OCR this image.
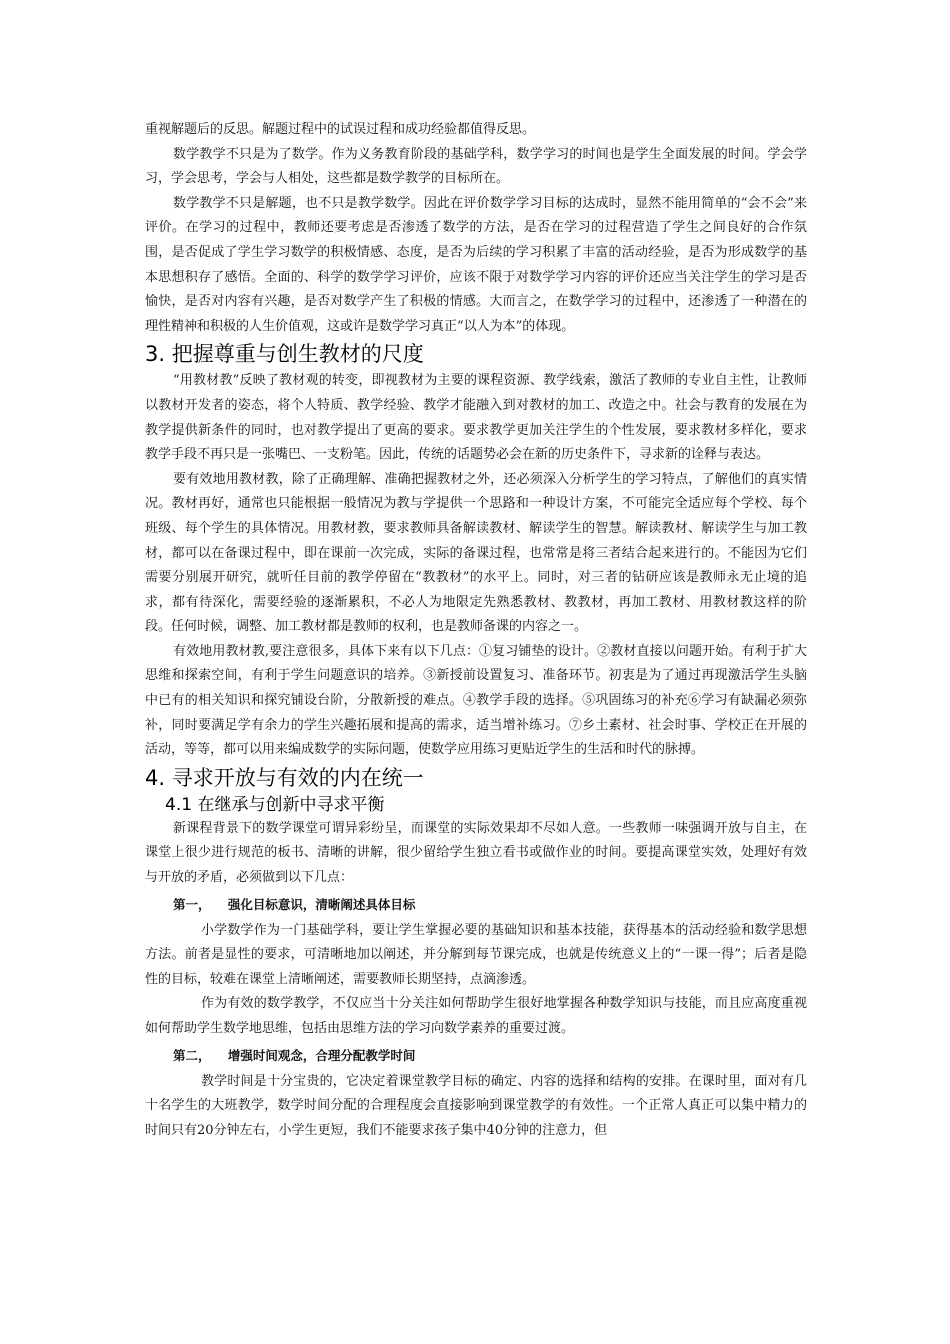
重视解题后的反思。解题过程中的试误过程和成功经验都值得反思。

数学教学不只是为了数学。作为义务教育阶段的基础学科，数学学习的时间也是学生全面发展的时间。学会学习，学会思考，学会与人相处，这些都是数学教学的目标所在。

数学教学不只是解题，也不只是教学数学。因此在评价数学学习目标的达成时，显然不能用简单的“会不会”来评价。在学习的过程中，教师还要考虑是否渗透了数学的方法，是否在学习的过程营造了学生之间良好的合作氛围，是否促成了学生学习数学的积极情感、态度，是否为后续的学习积累了丰富的活动经验，是否为形成数学的基本思想积存了感悟。全面的、科学的数学学习评价，应该不限于对数学学习内容的评价还应当关注学生的学习是否愉快，是否对内容有兴趣，是否对数学产生了积极的情感。大而言之，在数学学习的过程中，还渗透了一种潜在的理性精神和积极的人生价值观，这或许是数学学习真正“以人为本”的体现。

3. 把握尊重与创生教材的尺度

“用教材教”反映了教材观的转变，即视教材为主要的课程资源、教学线索，激活了教师的专业自主性，让教师以教材开发者的姿态，将个人特质、教学经验、教学才能融入到对教材的加工、改造之中。社会与教育的发展在为教学提供新条件的同时，也对教学提出了更高的要求。要求教学更加关注学生的个性发展，要求教材多样化，要求教学手段不再只是一张嘴巴、一支粉笔。因此，传统的话题势必会在新的历史条件下，寻求新的诠释与表达。

要有效地用教材教，除了正确理解、准确把握教材之外，还必须深入分析学生的学习特点，了解他们的真实情况。教材再好，通常也只能根据一般情况为教与学提供一个思路和一种设计方案，不可能完全适应每个学校、每个班级、每个学生的具体情况。用教材教，要求教师具备解读教材、解读学生的智慧。解读教材、解读学生与加工教材，都可以在备课过程中，即在课前一次完成，实际的备课过程，也常常是将三者结合起来进行的。不能因为它们需要分别展开研究，就听任目前的教学停留在“教教材”的水平上。同时，对三者的钻研应该是教师永无止境的追求，都有待深化，需要经验的逐渐累积，不必人为地限定先熟悉教材、教教材，再加工教材、用教材教这样的阶段。任何时候，调整、加工教材都是教师的权利，也是教师备课的内容之一。

有效地用教材教,要注意很多，具体下来有以下几点：①复习铺垫的设计。②教材直接以问题开始。有利于扩大思维和探索空间，有利于学生问题意识的培养。③新授前设置复习、准备环节。初衷是为了通过再现激活学生头脑中已有的相关知识和探究铺设台阶，分散新授的难点。④教学手段的选择。⑤巩固练习的补充⑥学习有缺漏必须弥补，同时要满足学有余力的学生兴趣拓展和提高的需求，适当增补练习。⑦乡土素材、社会时事、学校正在开展的活动，等等，都可以用来编成数学的实际问题，使数学应用练习更贴近学生的生活和时代的脉搏。

4. 寻求开放与有效的内在统一
4.1 在继承与创新中寻求平衡

新课程背景下的数学课堂可谓异彩纷呈，而课堂的实际效果却不尽如人意。一些教师一味强调开放与自主，在课堂上很少进行规范的板书、清晰的讲解，很少留给学生独立看书或做作业的时间。要提高课堂实效，处理好有效与开放的矛盾，必须做到以下几点：

第一，    强化目标意识，清晰阐述具体目标

小学数学作为一门基础学科，要让学生掌握必要的基础知识和基本技能，获得基本的活动经验和数学思想方法。前者是显性的要求，可清晰地加以阐述，并分解到每节课完成，也就是传统意义上的“一课一得”；后者是隐性的目标，较难在课堂上清晰阐述，需要教师长期坚持，点滴渗透。

作为有效的数学教学，不仅应当十分关注如何帮助学生很好地掌握各种数学知识与技能，而且应高度重视如何帮助学生数学地思维，包括由思维方法的学习向数学素养的重要过渡。

第二，    增强时间观念，合理分配教学时间

教学时间是十分宝贵的，它决定着课堂教学目标的确定、内容的选择和结构的安排。在课时里，面对有几十名学生的大班教学，数学时间分配的合理程度会直接影响到课堂教学的有效性。一个正常人真正可以集中精力的时间只有20分钟左右，小学生更短，我们不能要求孩子集中40分钟的注意力，但
